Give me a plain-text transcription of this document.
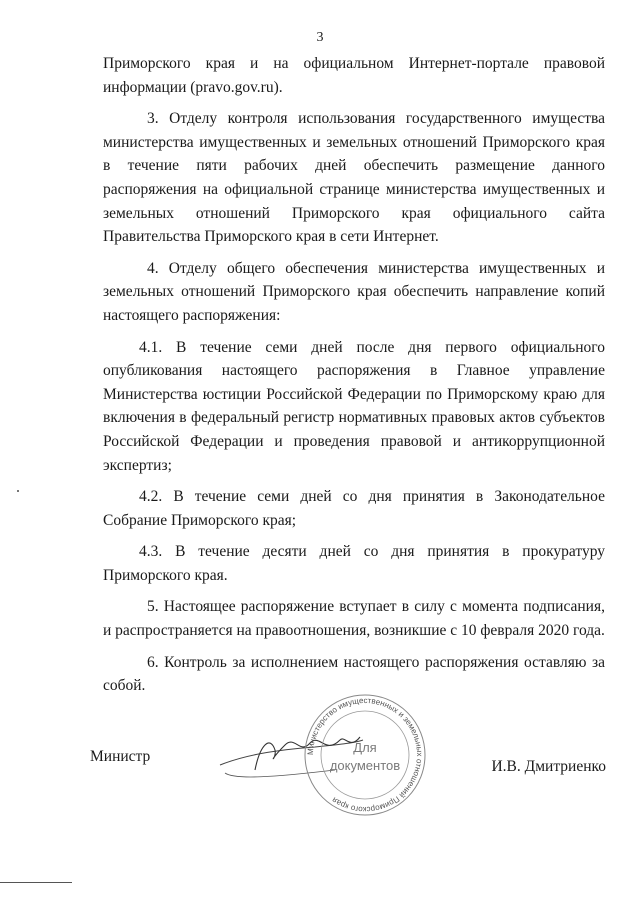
3

Приморского края и на официальном Интернет-портале правовой информации (pravo.gov.ru).

3. Отделу контроля использования государственного имущества министерства имущественных и земельных отношений Приморского края в течение пяти рабочих дней обеспечить размещение данного распоряжения на официальной странице министерства имущественных и земельных отношений Приморского края официального сайта Правительства Приморского края в сети Интернет.

4. Отделу общего обеспечения министерства имущественных и земельных отношений Приморского края обеспечить направление копий настоящего распоряжения:

4.1. В течение семи дней после дня первого официального опубликования настоящего распоряжения в Главное управление Министерства юстиции Российской Федерации по Приморскому краю для включения в федеральный регистр нормативных правовых актов субъектов Российской Федерации и проведения правовой и антикоррупционной экспертиз;

4.2. В течение семи дней со дня принятия в Законодательное Собрание Приморского края;

4.3. В течение десяти дней со дня принятия в прокуратуру Приморского края.

5. Настоящее распоряжение вступает в силу с момента подписания, и распространяется на правоотношения, возникшие с 10 февраля 2020 года.

6. Контроль за исполнением настоящего распоряжения оставляю за собой.

Министерство имущественных и земельных отношений Приморского края
Для
документов
Министр
И.В. Дмитриенко
